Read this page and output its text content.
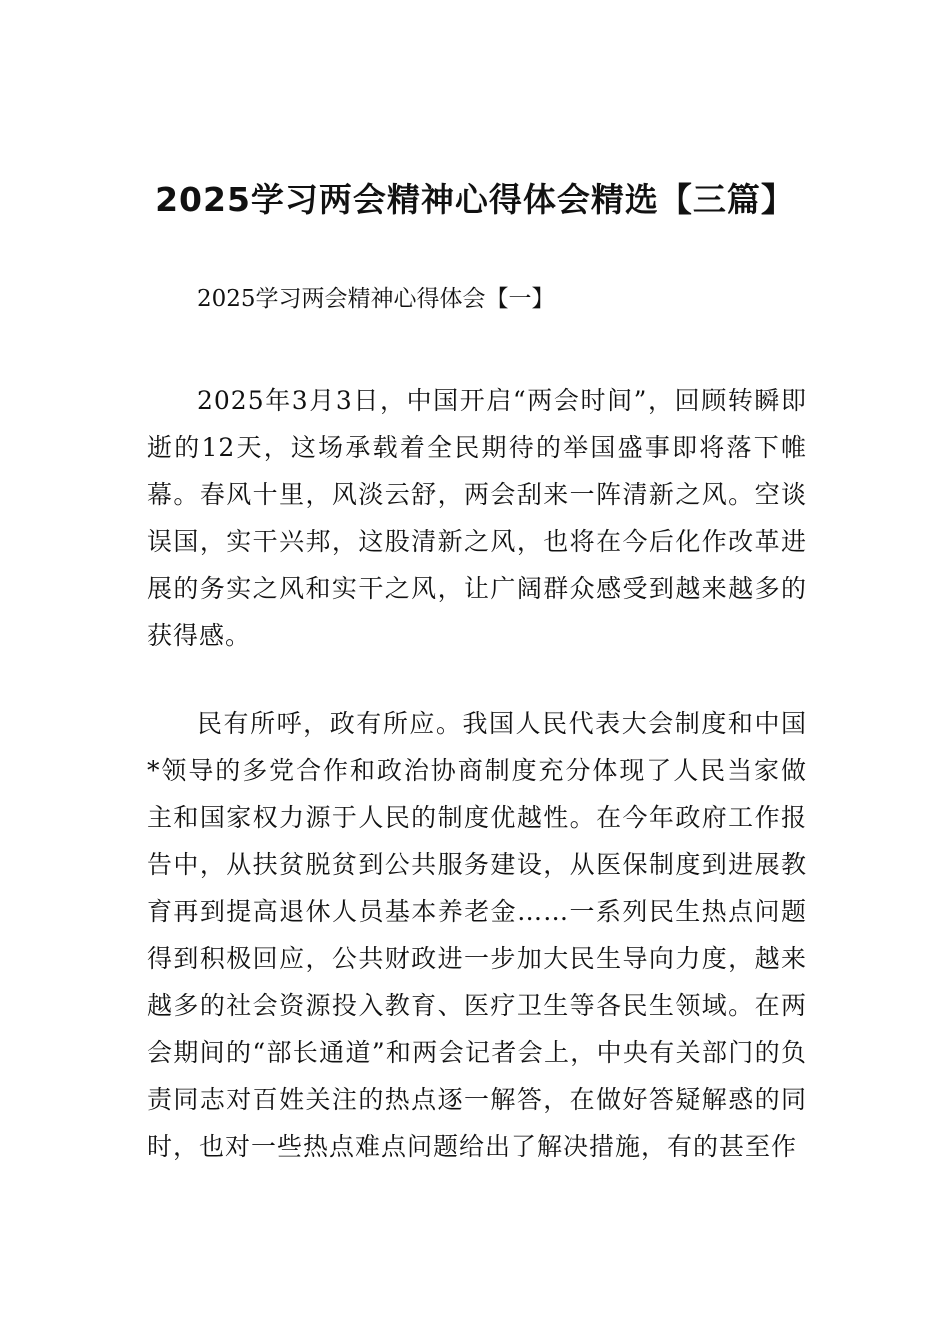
2025学习两会精神心得体会精选【三篇】

2025学习两会精神心得体会【一】

2025年3月3日，中国开启“两会时间”，回顾转瞬即逝的12天，这场承载着全民期待的举国盛事即将落下帷幕。春风十里，风淡云舒，两会刮来一阵清新之风。空谈误国，实干兴邦，这股清新之风，也将在今后化作改革进展的务实之风和实干之风，让广阔群众感受到越来越多的获得感。

民有所呼，政有所应。我国人民代表大会制度和中国*领导的多党合作和政治协商制度充分体现了人民当家做主和国家权力源于人民的制度优越性。在今年政府工作报告中，从扶贫脱贫到公共服务建设，从医保制度到进展教育再到提高退休人员基本养老金……一系列民生热点问题得到积极回应，公共财政进一步加大民生导向力度，越来越多的社会资源投入教育、医疗卫生等各民生领域。在两会期间的“部长通道”和两会记者会上，中央有关部门的负责同志对百姓关注的热点逐一解答，在做好答疑解惑的同时，也对一些热点难点问题给出了解决措施，有的甚至作
